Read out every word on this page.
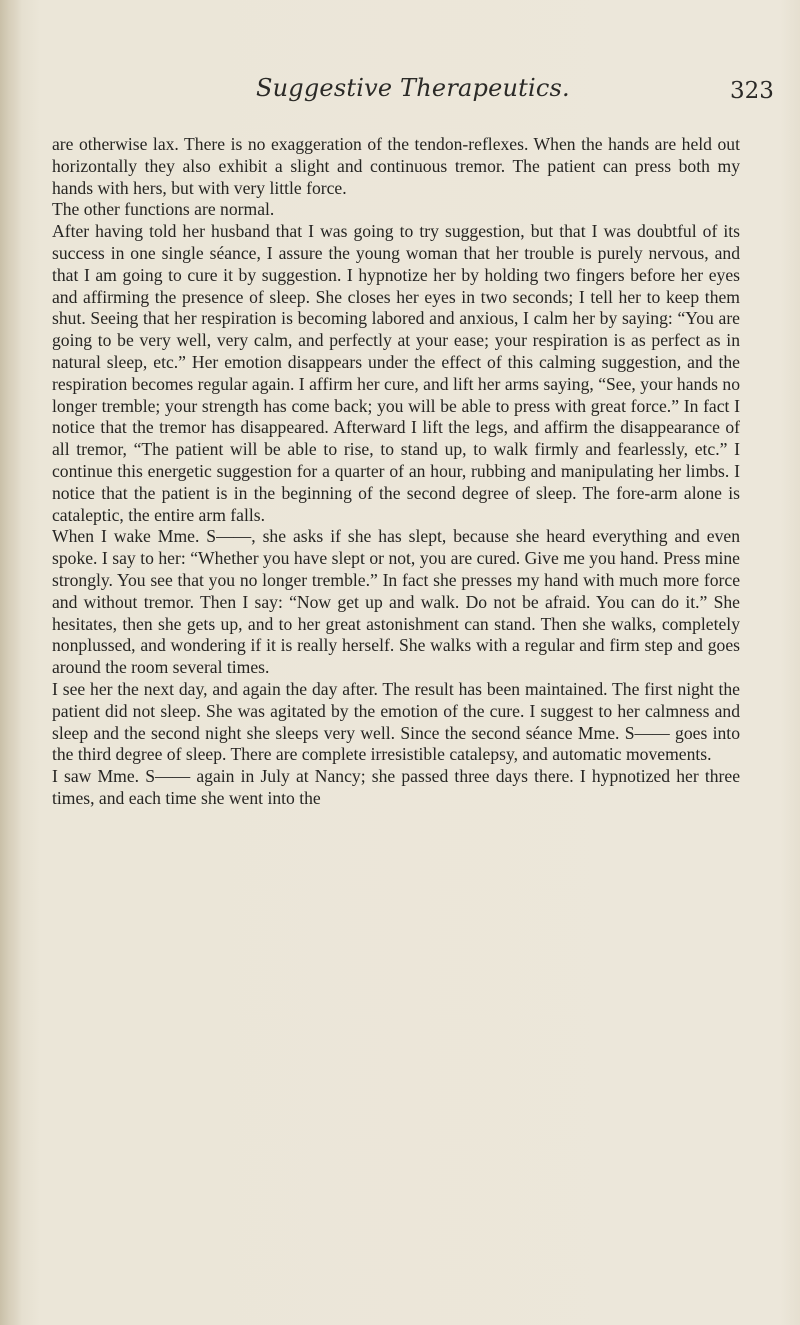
Suggestive Therapeutics.	323

are otherwise lax. There is no exaggeration of the tendon-reflexes. When the hands are held out horizontally they also exhibit a slight and continuous tremor. The patient can press both my hands with hers, but with very little force.

The other functions are normal.

After having told her husband that I was going to try suggestion, but that I was doubtful of its success in one single séance, I assure the young woman that her trouble is purely nervous, and that I am going to cure it by suggestion. I hypnotize her by holding two fingers before her eyes and affirming the presence of sleep. She closes her eyes in two seconds; I tell her to keep them shut. Seeing that her respiration is becoming labored and anxious, I calm her by saying: “You are going to be very well, very calm, and perfectly at your ease; your respiration is as perfect as in natural sleep, etc.” Her emotion disappears under the effect of this calming suggestion, and the respiration becomes regular again. I affirm her cure, and lift her arms saying, “See, your hands no longer tremble; your strength has come back; you will be able to press with great force.” In fact I notice that the tremor has disappeared. Afterward I lift the legs, and affirm the disappearance of all tremor, “The patient will be able to rise, to stand up, to walk firmly and fearlessly, etc.” I continue this energetic suggestion for a quarter of an hour, rubbing and manipulating her limbs. I notice that the patient is in the beginning of the second degree of sleep. The fore-arm alone is cataleptic, the entire arm falls.

When I wake Mme. S——, she asks if she has slept, because she heard everything and even spoke. I say to her: “Whether you have slept or not, you are cured. Give me you hand. Press mine strongly. You see that you no longer tremble.” In fact she presses my hand with much more force and without tremor. Then I say: “Now get up and walk. Do not be afraid. You can do it.” She hesitates, then she gets up, and to her great astonishment can stand. Then she walks, completely nonplussed, and wondering if it is really herself. She walks with a regular and firm step and goes around the room several times.

I see her the next day, and again the day after. The result has been maintained. The first night the patient did not sleep. She was agitated by the emotion of the cure. I suggest to her calmness and sleep and the second night she sleeps very well. Since the second séance Mme. S—— goes into the third degree of sleep. There are complete irresistible catalepsy, and automatic movements.

I saw Mme. S—— again in July at Nancy; she passed three days there. I hypnotized her three times, and each time she went into the
